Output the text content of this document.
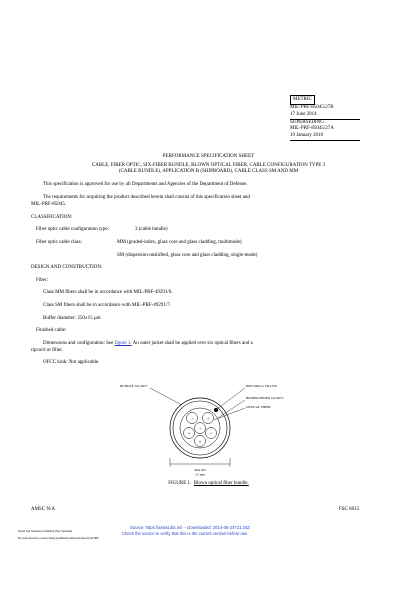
METRIC
MIL-PRF-85045/27B
17 June 2014
SUPERSEDING
MIL-PRF-85045/27A
19 January 2010
PERFORMANCE SPECIFICATION SHEET
CABLE, FIBER OPTIC, SIX-FIBER BUNDLE, BLOWN OPTICAL FIBER, CABLE CONFIGURATION TYPE 3
(CABLE BUNDLE), APPLICATION B (SHIPBOARD), CABLE CLASS SM AND MM
This specification is approved for use by all Departments and Agencies of the Department of Defense.
The requirements for acquiring the product described herein shall consist of this specification sheet and
MIL-PRF-85045.
CLASSIFICATION:
Fiber optic cable configuration type:	3 (cable bundle)
Fiber optic cable class:	MM (graded-index, glass core and glass cladding, multimode)
SM (dispersion-unshifted, glass core and glass cladding, single-mode)
DESIGN AND CONSTRUCTION:
Fiber:
Class MM fibers shall be in accordance with MIL-PRF-49291/6.
Class SM fibers shall be in accordance with MIL-PRF-49291/7.
Buffer diameter: 250±15 µm
Finished cable:
Dimensions and configuration: See figure 1. An outer jacket shall be applied over six optical fibers and a
ripcord or filler.
OFCC kink: Not applicable.
1	2
3
4	5
6
BUNDLE JACKET	RIPCORD or FILLER
BINDER/INNER JACKET
OPTICAL FIBER
Max OD
2.5 mm
FIGURE 1. Blown optical fiber bundle.
AMSC N/A	FSC 6015
Naval Sea Systems Command (Sea Systems)
No reproduction or networking permitted without license from IHS
Source: https://assist.dla.mil -- Downloaded: 2014-06-24T21:34Z
Check the source to verify that this is the current version before use.
